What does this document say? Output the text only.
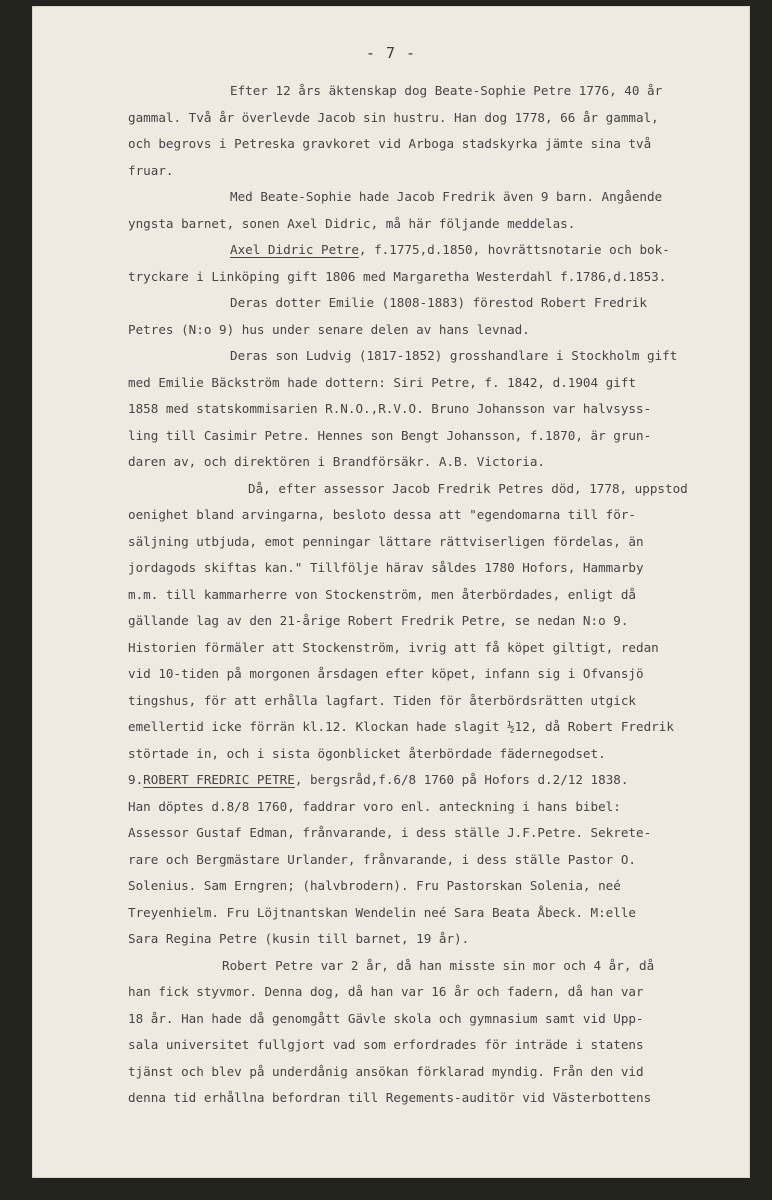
- 7 -
Efter 12 års äktenskap dog Beate-Sophie Petre 1776, 40 år
gammal. Två år överlevde Jacob sin hustru. Han dog 1778, 66 år gammal,
och begrovs i Petreska gravkoret vid Arboga stadskyrka jämte sina två
fruar.
Med Beate-Sophie hade Jacob Fredrik även 9 barn. Angående
yngsta barnet, sonen Axel Didric, må här följande meddelas.
Axel Didric Petre, f.1775,d.1850, hovrättsnotarie och bok-
tryckare i Linköping gift 1806 med Margaretha Westerdahl f.1786,d.1853.
Deras dotter Emilie (1808-1883) förestod Robert Fredrik
Petres (N:o 9) hus under senare delen av hans levnad.
Deras son Ludvig (1817-1852) grosshandlare i Stockholm gift
med Emilie Bäckström hade dottern: Siri Petre, f. 1842, d.1904 gift
1858 med statskommisarien R.N.O.,R.V.O. Bruno Johansson var halvsyss-
ling till Casimir Petre. Hennes son Bengt Johansson, f.1870, är grun-
daren av, och direktören i Brandförsäkr. A.B. Victoria.
Då, efter assessor Jacob Fredrik Petres död, 1778, uppstod
oenighet bland arvingarna, besloto dessa att "egendomarna till för-
säljning utbjuda, emot penningar lättare rättviserligen fördelas, än
jordagods skiftas kan." Tillfölje härav såldes 1780 Hofors, Hammarby
m.m. till kammarherre von Stockenström, men återbördades, enligt då
gällande lag av den 21-årige Robert Fredrik Petre, se nedan N:o 9.
Historien förmäler att Stockenström, ivrig att få köpet giltigt, redan
vid 10-tiden på morgonen årsdagen efter köpet, infann sig i Ofvansjö
tingshus, för att erhålla lagfart. Tiden för återbördsrätten utgick
emellertid icke förrän kl.12. Klockan hade slagit ½12, då Robert Fredrik
störtade in, och i sista ögonblicket återbördade fädernegodset.
9.ROBERT FREDRIC PETRE, bergsråd,f.6/8 1760 på Hofors d.2/12 1838.
Han döptes d.8/8 1760, faddrar voro enl. anteckning i hans bibel:
Assessor Gustaf Edman, frånvarande, i dess ställe J.F.Petre. Sekrete-
rare och Bergmästare Urlander, frånvarande, i dess ställe Pastor O.
Solenius. Sam Erngren; (halvbrodern). Fru Pastorskan Solenia, neé
Treyenhielm. Fru Löjtnantskan Wendelin neé Sara Beata Åbeck. M:elle
Sara Regina Petre (kusin till barnet, 19 år).
Robert Petre var 2 år, då han misste sin mor och 4 år, då
han fick styvmor. Denna dog, då han var 16 år och fadern, då han var
18 år. Han hade då genomgått Gävle skola och gymnasium samt vid Upp-
sala universitet fullgjort vad som erfordrades för inträde i statens
tjänst och blev på underdånig ansökan förklarad myndig. Från den vid
denna tid erhållna befordran till Regements-auditör vid Västerbottens
